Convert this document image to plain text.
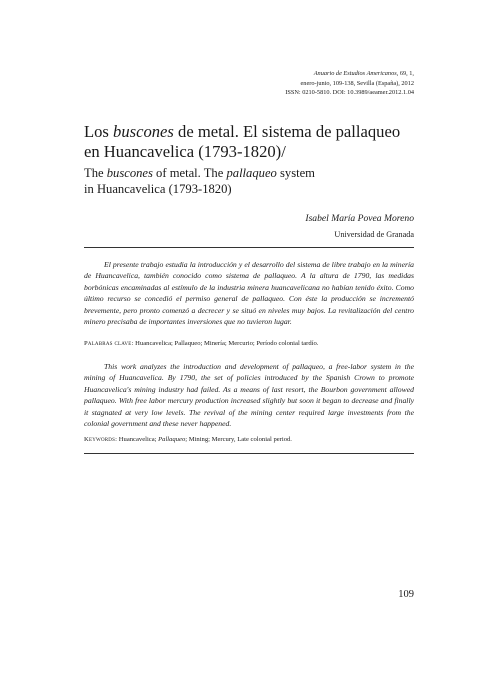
Anuario de Estudios Americanos, 69, 1,
enero-junio, 109-138, Sevilla (España), 2012
ISSN: 0210-5810. DOI: 10.3989/aeamer.2012.1.04
Los buscones de metal. El sistema de pallaqueo
en Huancavelica (1793-1820)/
The buscones of metal. The pallaqueo system
in Huancavelica (1793-1820)
Isabel María Povea Moreno
Universidad de Granada

El presente trabajo estudia la introducción y el desarrollo del sistema de libre trabajo en la minería de Huancavelica, también conocido como sistema de pallaqueo. A la altura de 1790, las medidas borbónicas encaminadas al estímulo de la industria minera huancavelicana no habían tenido éxito. Como último recurso se concedió el permiso general de pallaqueo. Con éste la producción se incrementó brevemente, pero pronto comenzó a decrecer y se situó en niveles muy bajos. La revitalización del centro minero precisaba de importantes inversiones que no tuvieron lugar.

Palabras clave: Huancavelica; Pallaqueo; Minería; Mercurio; Período colonial tardío.

This work analyzes the introduction and development of pallaqueo, a free-labor system in the mining of Huancavelica. By 1790, the set of policies introduced by the Spanish Crown to promote Huancavelica's mining industry had failed. As a means of last resort, the Bourbon government allowed pallaqueo. With free labor mercury production increased slightly but soon it began to decrease and finally it stagnated at very low levels. The revival of the mining center required large investments from the colonial government and these never happened.

Keywords: Huancavelica; Pallaqueo; Mining; Mercury, Late colonial period.

109
